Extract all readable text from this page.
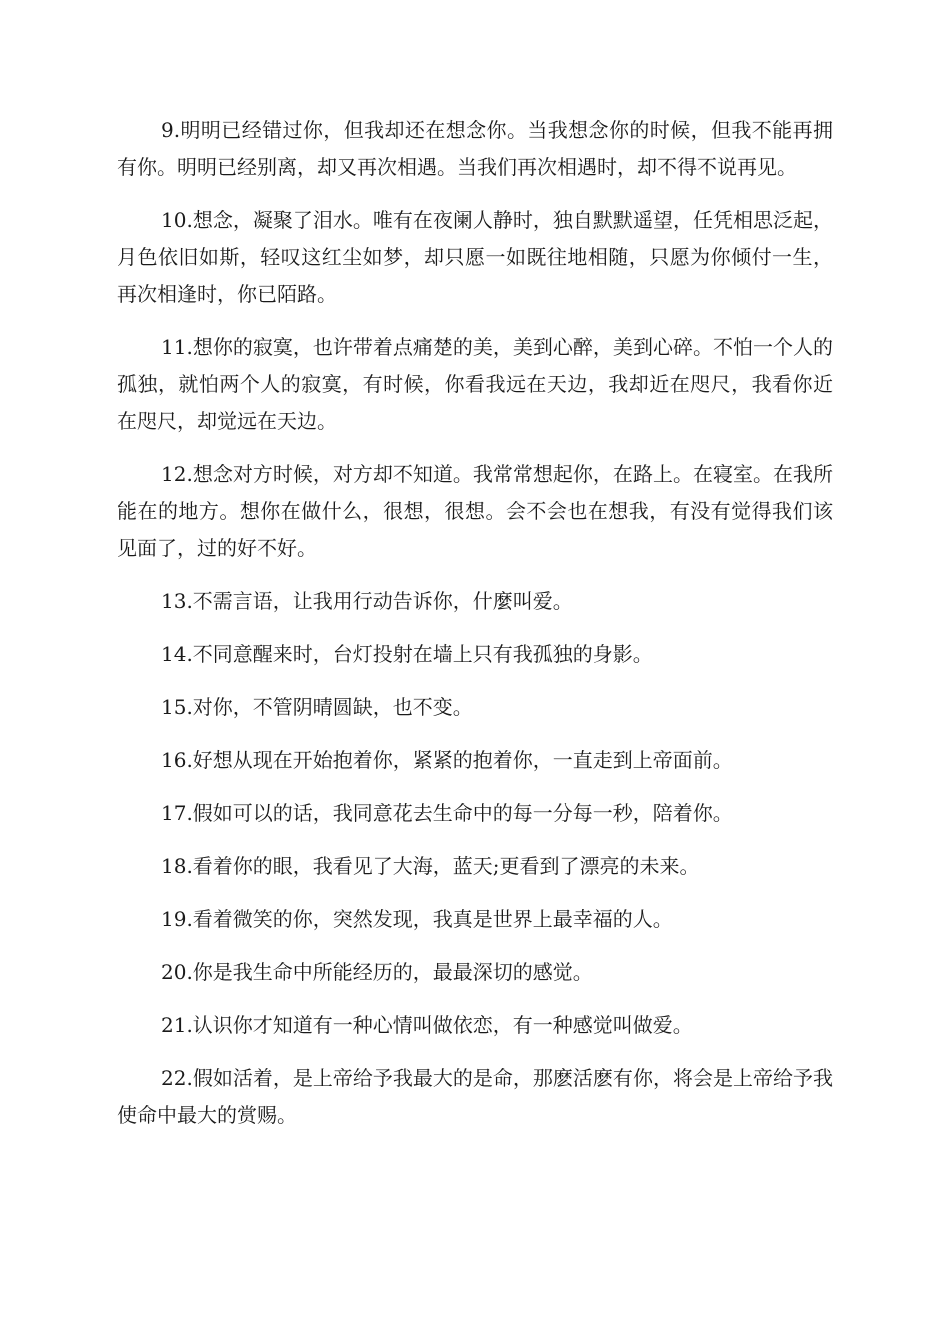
9.明明已经错过你，但我却还在想念你。当我想念你的时候，但我不能再拥有你。明明已经别离，却又再次相遇。当我们再次相遇时，却不得不说再见。

10.想念，凝聚了泪水。唯有在夜阑人静时，独自默默遥望，任凭相思泛起，月色依旧如斯，轻叹这红尘如梦，却只愿一如既往地相随，只愿为你倾付一生，再次相逢时，你已陌路。

11.想你的寂寞，也许带着点痛楚的美，美到心醉，美到心碎。不怕一个人的孤独，就怕两个人的寂寞，有时候，你看我远在天边，我却近在咫尺，我看你近在咫尺，却觉远在天边。

12.想念对方时候，对方却不知道。我常常想起你，在路上。在寝室。在我所能在的地方。想你在做什么，很想，很想。会不会也在想我，有没有觉得我们该见面了，过的好不好。

13.不需言语，让我用行动告诉你，什麼叫爱。

14.不同意醒来时，台灯投射在墙上只有我孤独的身影。

15.对你，不管阴晴圆缺，也不变。

16.好想从现在开始抱着你，紧紧的抱着你，一直走到上帝面前。

17.假如可以的话，我同意花去生命中的每一分每一秒，陪着你。

18.看着你的眼，我看见了大海，蓝天;更看到了漂亮的未来。

19.看着微笑的你，突然发现，我真是世界上最幸福的人。

20.你是我生命中所能经历的，最最深切的感觉。

21.认识你才知道有一种心情叫做依恋，有一种感觉叫做爱。

22.假如活着，是上帝给予我最大的是命，那麽活麽有你，将会是上帝给予我使命中最大的赏赐。
